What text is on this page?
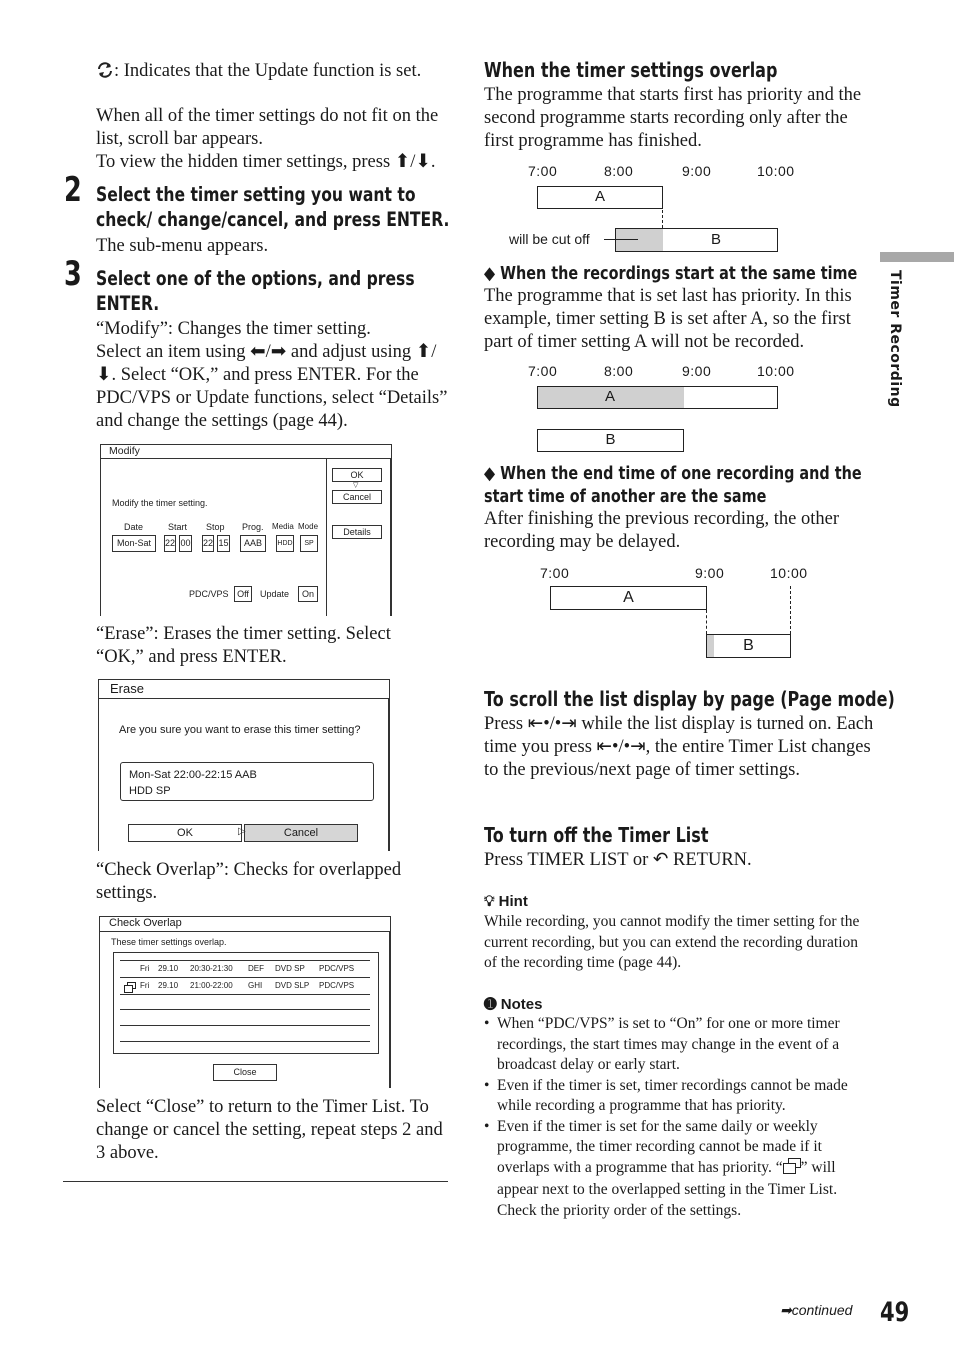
: Indicates that the Update function is set.
When all of the timer settings do not fit on the list, scroll bar appears.
To view the hidden timer settings, press ⬆/⬇.
2 Select the timer setting you want to check/ change/cancel, and press ENTER.
The sub-menu appears.
3 Select one of the options, and press ENTER.
“Modify”: Changes the timer setting.
Select an item using ⬅/➡ and adjust using ⬆/⬇. Select “OK,” and press ENTER. For the PDC/VPS or Update functions, select “Details” and change the settings (page 44).
Modify
OK
▽
Cancel
Details
Modify the timer setting.
Date	Start Stop Prog. Media Mode
Mon-Sat	22 00 22 15	AAB	HDD	SP
PDC/VPS Off	Update	On
“Erase”: Erases the timer setting. Select “OK,” and press ENTER.
Erase
Are you sure you want to erase this timer setting?
Mon-Sat 22:00-22:15 AAB
HDD SP
OK	Cancel
▷
“Check Overlap”: Checks for overlapped settings.
Check Overlap
These timer settings overlap.
Fri 29.10 20:30-21:30 DEF DVD SP PDC/VPS
Fri 29.10 21:00-22:00 GHI DVD SLP PDC/VPS
Close
Select “Close” to return to the Timer List. To change or cancel the setting, repeat steps 2 and 3 above.
When the timer settings overlap
The programme that starts first has priority and the second programme starts recording only after the first programme has finished.
7:00	8:00	9:00	10:00
A
B
will be cut off
◆ When the recordings start at the same time
The programme that is set last has priority. In this example, timer setting B is set after A, so the first part of timer setting A will not be recorded.
7:00	8:00	9:00	10:00
A
B
◆ When the end time of one recording and the start time of another are the same
After finishing the previous recording, the other recording may be delayed.
7:00	9:00	10:00
A
B
To scroll the list display by page (Page mode)
Press ⇤•/•⇥ while the list display is turned on. Each time you press ⇤•/•⇥, the entire Timer List changes to the previous/next page of timer settings.
To turn off the Timer List
Press TIMER LIST or ↶ RETURN.
💡︎ Hint
While recording, you cannot modify the timer setting for the current recording, but you can extend the recording duration of the recording time (page 44).
➊ Notes
• When “PDC/VPS” is set to “On” for one or more timer recordings, the start times may change in the event of a broadcast delay or early start.
• Even if the timer is set, timer recordings cannot be made while recording a programme that has priority.
• Even if the timer is set for the same daily or weekly programme, the timer recording cannot be made if it overlaps with a programme that has priority. “ ” will appear next to the overlapped setting in the Timer List. Check the priority order of the settings.
Timer Recording
➡continued 49
